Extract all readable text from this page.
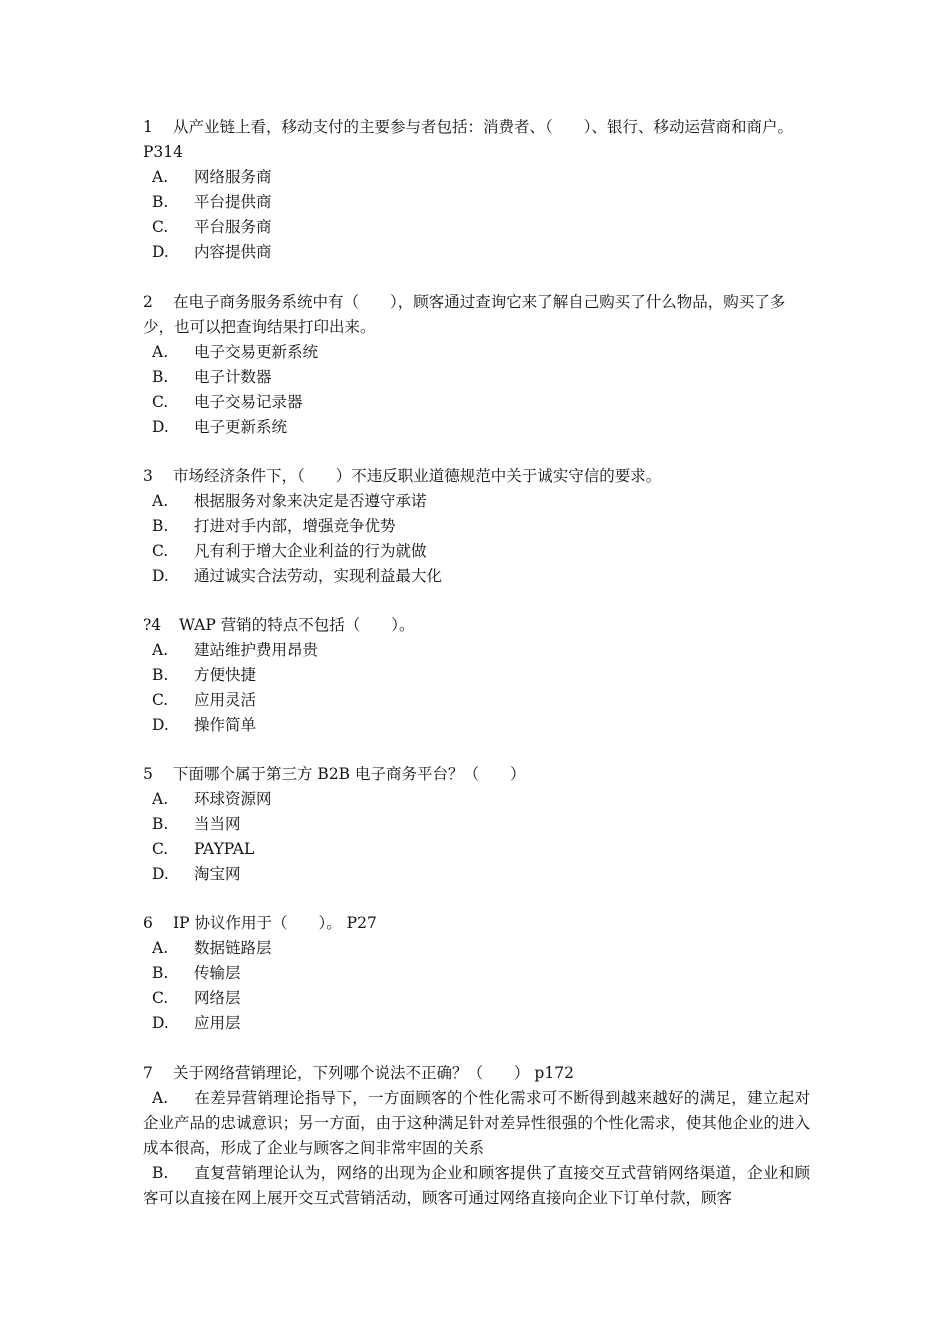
1 从产业链上看，移动支付的主要参与者包括：消费者、（　　）、银行、移动运营商和商户。 P314
A. 网络服务商
B. 平台提供商
C. 平台服务商
D. 内容提供商
2 在电子商务服务系统中有（　　），顾客通过查询它来了解自己购买了什么物品，购买了多少，也可以把查询结果打印出来。
A. 电子交易更新系统
B. 电子计数器
C. 电子交易记录器
D. 电子更新系统
3 市场经济条件下，（　　）不违反职业道德规范中关于诚实守信的要求。
A. 根据服务对象来决定是否遵守承诺
B. 打进对手内部，增强竞争优势
C. 凡有利于增大企业利益的行为就做
D. 通过诚实合法劳动，实现利益最大化
?4 WAP 营销的特点不包括（　　）。
A. 建站维护费用昂贵
B. 方便快捷
C. 应用灵活
D. 操作简单
5 下面哪个属于第三方 B2B 电子商务平台？（　　）
A. 环球资源网
B. 当当网
C. PAYPAL
D. 淘宝网
6 IP 协议作用于（　　）。 P27
A. 数据链路层
B. 传输层
C. 网络层
D. 应用层
7 关于网络营销理论，下列哪个说法不正确？（　　） p172
A. 在差异营销理论指导下，一方面顾客的个性化需求可不断得到越来越好的满足，建立起对企业产品的忠诚意识；另一方面，由于这种满足针对差异性很强的个性化需求，使其他企业的进入成本很高，形成了企业与顾客之间非常牢固的关系
B. 直复营销理论认为，网络的出现为企业和顾客提供了直接交互式营销网络渠道，企业和顾客可以直接在网上展开交互式营销活动，顾客可通过网络直接向企业下订单付款，顾客
